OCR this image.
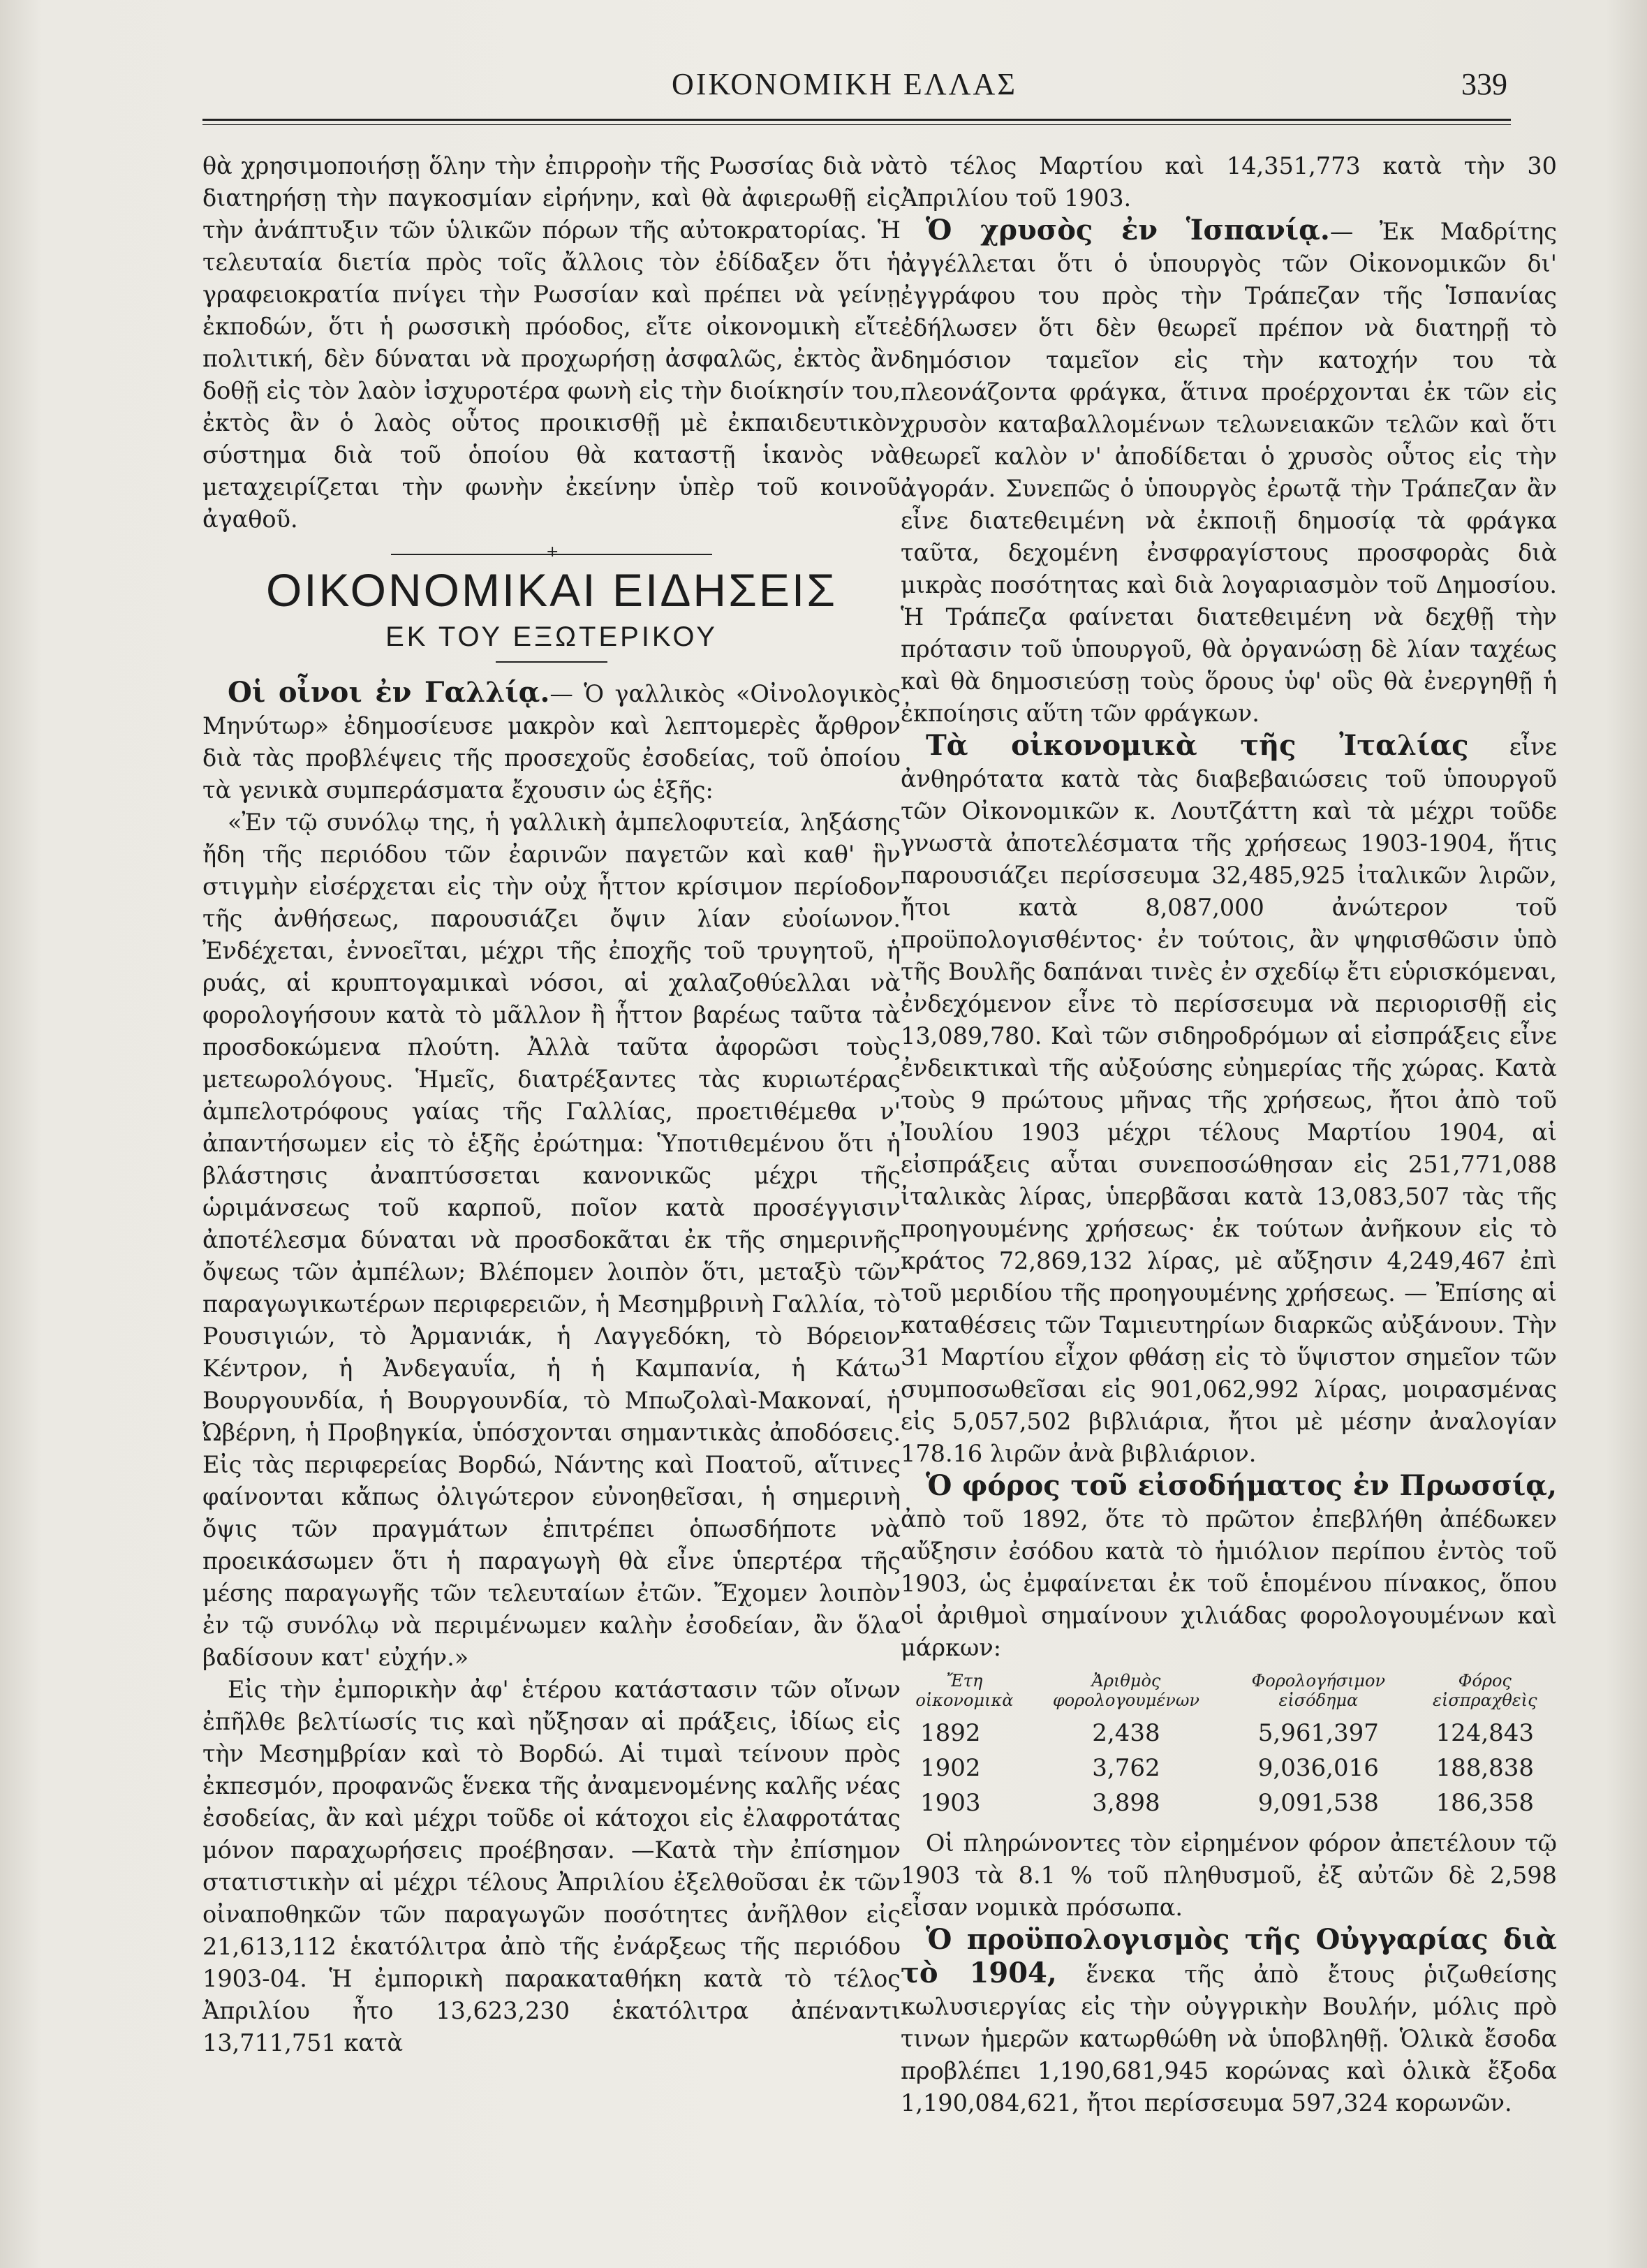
ΟΙΚΟΝΟΜΙΚΗ ΕΛΛΑΣ	339

θὰ χρησιμοποιήσῃ ὅλην τὴν ἐπιρροὴν τῆς Ρωσσίας διὰ νὰ διατηρήσῃ τὴν παγκοσμίαν εἰρήνην, καὶ θὰ ἀφιερωθῇ εἰς τὴν ἀνάπτυξιν τῶν ὑλικῶν πόρων τῆς αὐτοκρατορίας. Ἡ τελευταία διετία πρὸς τοῖς ἄλλοις τὸν ἐδίδαξεν ὅτι ἡ γραφειοκρατία πνίγει τὴν Ρωσσίαν καὶ πρέπει νὰ γείνῃ ἐκποδών, ὅτι ἡ ρωσσικὴ πρόοδος, εἴτε οἰκονομικὴ εἴτε πολιτική, δὲν δύναται νὰ προχωρήσῃ ἀσφαλῶς, ἐκτὸς ἂν δοθῇ εἰς τὸν λαὸν ἰσχυροτέρα φωνὴ εἰς τὴν διοίκησίν του, ἐκτὸς ἂν ὁ λαὸς οὗτος προικισθῇ μὲ ἐκπαιδευτικὸν σύστημα διὰ τοῦ ὁποίου θὰ καταστῇ ἱκανὸς νὰ μεταχειρίζεται τὴν φωνὴν ἐκείνην ὑπὲρ τοῦ κοινοῦ ἀγαθοῦ.

+
ΟΙΚΟΝΟΜΙΚΑΙ ΕΙΔΗΣΕΙΣ
ΕΚ ΤΟΥ ΕΞΩΤΕΡΙΚΟΥ

Οἱ οἶνοι ἐν Γαλλίᾳ.— Ὁ γαλλικὸς «Οἰνολογικὸς Μηνύτωρ» ἐδημοσίευσε μακρὸν καὶ λεπτομερὲς ἄρθρον διὰ τὰς προβλέψεις τῆς προσεχοῦς ἐσοδείας, τοῦ ὁποίου τὰ γενικὰ συμπεράσματα ἔχουσιν ὡς ἑξῆς:

«Ἐν τῷ συνόλῳ της, ἡ γαλλικὴ ἀμπελοφυτεία, ληξάσης ἤδη τῆς περιόδου τῶν ἐαρινῶν παγετῶν καὶ καθ' ἣν στιγμὴν εἰσέρχεται εἰς τὴν οὐχ ἧττον κρίσιμον περίοδον τῆς ἀνθήσεως, παρουσιάζει ὄψιν λίαν εὐοίωνον. Ἐνδέχεται, ἐννοεῖται, μέχρι τῆς ἐποχῆς τοῦ τρυγητοῦ, ἡ ρυάς, αἱ κρυπτογαμικαὶ νόσοι, αἱ χαλαζοθύελλαι νὰ φορολογήσουν κατὰ τὸ μᾶλλον ἢ ἧττον βαρέως ταῦτα τὰ προσδοκώμενα πλούτη. Ἀλλὰ ταῦτα ἀφορῶσι τοὺς μετεωρολόγους. Ἡμεῖς, διατρέξαντες τὰς κυριωτέρας ἀμπελοτρόφους γαίας τῆς Γαλλίας, προετιθέμεθα ν' ἀπαντήσωμεν εἰς τὸ ἑξῆς ἐρώτημα: Ὑποτιθεμένου ὅτι ἡ βλάστησις ἀναπτύσσεται κανονικῶς μέχρι τῆς ὡριμάνσεως τοῦ καρποῦ, ποῖον κατὰ προσέγγισιν ἀποτέλεσμα δύναται νὰ προσδοκᾶται ἐκ τῆς σημερινῆς ὄψεως τῶν ἀμπέλων; Βλέπομεν λοιπὸν ὅτι, μεταξὺ τῶν παραγωγικωτέρων περιφερειῶν, ἡ Μεσημβρινὴ Γαλλία, τὸ Ρουσιγιών, τὸ Ἀρμανιάκ, ἡ Λαγγεδόκη, τὸ Βόρειον Κέντρον, ἡ Ἀνδεγαυΐα, ἡ ἡ Καμπανία, ἡ Κάτω Βουργουνδία, ἡ Βουργουνδία, τὸ Μπωζολαὶ-Μακοναί, ἡ Ὠβέρνη, ἡ Προβηγκία, ὑπόσχονται σημαντικὰς ἀποδόσεις. Εἰς τὰς περιφερείας Βορδώ, Νάντης καὶ Ποατοῦ, αἵτινες φαίνονται κἄπως ὀλιγώτερον εὐνοηθεῖσαι, ἡ σημερινὴ ὄψις τῶν πραγμάτων ἐπιτρέπει ὁπωσδήποτε νὰ προεικάσωμεν ὅτι ἡ παραγωγὴ θὰ εἶνε ὑπερτέρα τῆς μέσης παραγωγῆς τῶν τελευταίων ἐτῶν. Ἔχομεν λοιπὸν ἐν τῷ συνόλῳ νὰ περιμένωμεν καλὴν ἐσοδείαν, ἂν ὅλα βαδίσουν κατ' εὐχήν.»

Εἰς τὴν ἐμπορικὴν ἀφ' ἑτέρου κατάστασιν τῶν οἴνων ἐπῆλθε βελτίωσίς τις καὶ ηὔξησαν αἱ πράξεις, ἰδίως εἰς τὴν Μεσημβρίαν καὶ τὸ Βορδώ. Αἱ τιμαὶ τείνουν πρὸς ἐκπεσμόν, προφανῶς ἕνεκα τῆς ἀναμενομένης καλῆς νέας ἐσοδείας, ἂν καὶ μέχρι τοῦδε οἱ κάτοχοι εἰς ἐλαφροτάτας μόνον παραχωρήσεις προέβησαν. —Κατὰ τὴν ἐπίσημον στατιστικὴν αἱ μέχρι τέλους Ἀπριλίου ἐξελθοῦσαι ἐκ τῶν οἰναποθηκῶν τῶν παραγωγῶν ποσότητες ἀνῆλθον εἰς 21,613,112 ἑκατόλιτρα ἀπὸ τῆς ἐνάρξεως τῆς περιόδου 1903-04. Ἡ ἐμπορικὴ παρακαταθήκη κατὰ τὸ τέλος Ἀπριλίου ἦτο 13,623,230 ἑκατόλιτρα ἀπέναντι 13,711,751 κατὰ

τὸ τέλος Μαρτίου καὶ 14,351,773 κατὰ τὴν 30 Ἀπριλίου τοῦ 1903.

Ὁ χρυσὸς ἐν Ἱσπανίᾳ.— Ἐκ Μαδρίτης ἀγγέλλεται ὅτι ὁ ὑπουργὸς τῶν Οἰκονομικῶν δι' ἐγγράφου του πρὸς τὴν Τράπεζαν τῆς Ἱσπανίας ἐδήλωσεν ὅτι δὲν θεωρεῖ πρέπον νὰ διατηρῇ τὸ δημόσιον ταμεῖον εἰς τὴν κατοχήν του τὰ πλεονάζοντα φράγκα, ἅτινα προέρχονται ἐκ τῶν εἰς χρυσὸν καταβαλλομένων τελωνειακῶν τελῶν καὶ ὅτι θεωρεῖ καλὸν ν' ἀποδίδεται ὁ χρυσὸς οὗτος εἰς τὴν ἀγοράν. Συνεπῶς ὁ ὑπουργὸς ἐρωτᾷ τὴν Τράπεζαν ἂν εἶνε διατεθειμένη νὰ ἐκποιῇ δημοσίᾳ τὰ φράγκα ταῦτα, δεχομένη ἐνσφραγίστους προσφορὰς διὰ μικρὰς ποσότητας καὶ διὰ λογαριασμὸν τοῦ Δημοσίου. Ἡ Τράπεζα φαίνεται διατεθειμένη νὰ δεχθῇ τὴν πρότασιν τοῦ ὑπουργοῦ, θὰ ὀργανώσῃ δὲ λίαν ταχέως καὶ θὰ δημοσιεύσῃ τοὺς ὅρους ὑφ' οὓς θὰ ἐνεργηθῇ ἡ ἐκποίησις αὕτη τῶν φράγκων.

Τὰ οἰκονομικὰ τῆς Ἰταλίας εἶνε ἀνθηρότατα κατὰ τὰς διαβεβαιώσεις τοῦ ὑπουργοῦ τῶν Οἰκονομικῶν κ. Λουτζάττη καὶ τὰ μέχρι τοῦδε γνωστὰ ἀποτελέσματα τῆς χρήσεως 1903-1904, ἥτις παρουσιάζει περίσσευμα 32,485,925 ἰταλικῶν λιρῶν, ἤτοι κατὰ 8,087,000 ἀνώτερον τοῦ προϋπολογισθέντος· ἐν τούτοις, ἂν ψηφισθῶσιν ὑπὸ τῆς Βουλῆς δαπάναι τινὲς ἐν σχεδίῳ ἔτι εὑρισκόμεναι, ἐνδεχόμενον εἶνε τὸ περίσσευμα νὰ περιορισθῇ εἰς 13,089,780. Καὶ τῶν σιδηροδρόμων αἱ εἰσπράξεις εἶνε ἐνδεικτικαὶ τῆς αὐξούσης εὐημερίας τῆς χώρας. Κατὰ τοὺς 9 πρώτους μῆνας τῆς χρήσεως, ἤτοι ἀπὸ τοῦ Ἰουλίου 1903 μέχρι τέλους Μαρτίου 1904, αἱ εἰσπράξεις αὗται συνεποσώθησαν εἰς 251,771,088 ἰταλικὰς λίρας, ὑπερβᾶσαι κατὰ 13,083,507 τὰς τῆς προηγουμένης χρήσεως· ἐκ τούτων ἀνῆκουν εἰς τὸ κράτος 72,869,132 λίρας, μὲ αὔξησιν 4,249,467 ἐπὶ τοῦ μεριδίου τῆς προηγουμένης χρήσεως. — Ἐπίσης αἱ καταθέσεις τῶν Ταμιευτηρίων διαρκῶς αὐξάνουν. Τὴν 31 Μαρτίου εἶχον φθάσῃ εἰς τὸ ὕψιστον σημεῖον τῶν συμποσωθεῖσαι εἰς 901,062,992 λίρας, μοιρασμένας εἰς 5,057,502 βιβλιάρια, ἤτοι μὲ μέσην ἀναλογίαν 178.16 λιρῶν ἀνὰ βιβλιάριον.

Ὁ φόρος τοῦ εἰσοδήματος ἐν Πρωσσίᾳ, ἀπὸ τοῦ 1892, ὅτε τὸ πρῶτον ἐπεβλήθη ἀπέδωκεν αὔξησιν ἐσόδου κατὰ τὸ ἡμιόλιον περίπου ἐντὸς τοῦ 1903, ὡς ἐμφαίνεται ἐκ τοῦ ἑπομένου πίνακος, ὅπου οἱ ἀριθμοὶ σημαίνουν χιλιάδας φορολογουμένων καὶ μάρκων:

Ἔτη οἰκονομικὰ	Ἀριθμὸς φορολογουμένων	Φορολογήσιμον εἰσόδημα	Φόρος εἰσπραχθεὶς
1892	2,438	5,961,397	124,843
1902	3,762	9,036,016	188,838
1903	3,898	9,091,538	186,358

Οἱ πληρώνοντες τὸν εἰρημένον φόρον ἀπετέλουν τῷ 1903 τὰ 8.1 % τοῦ πληθυσμοῦ, ἐξ αὐτῶν δὲ 2,598 εἶσαν νομικὰ πρόσωπα.

Ὁ προϋπολογισμὸς τῆς Οὐγγαρίας διὰ τὸ 1904, ἕνεκα τῆς ἀπὸ ἔτους ῥιζωθείσης κωλυσιεργίας εἰς τὴν οὐγγρικὴν Βουλήν, μόλις πρὸ τινων ἡμερῶν κατωρθώθη νὰ ὑποβληθῇ. Ὁλικὰ ἔσοδα προβλέπει 1,190,681,945 κορώνας καὶ ὁλικὰ ἔξοδα 1,190,084,621, ἤτοι περίσσευμα 597,324 κορωνῶν.
